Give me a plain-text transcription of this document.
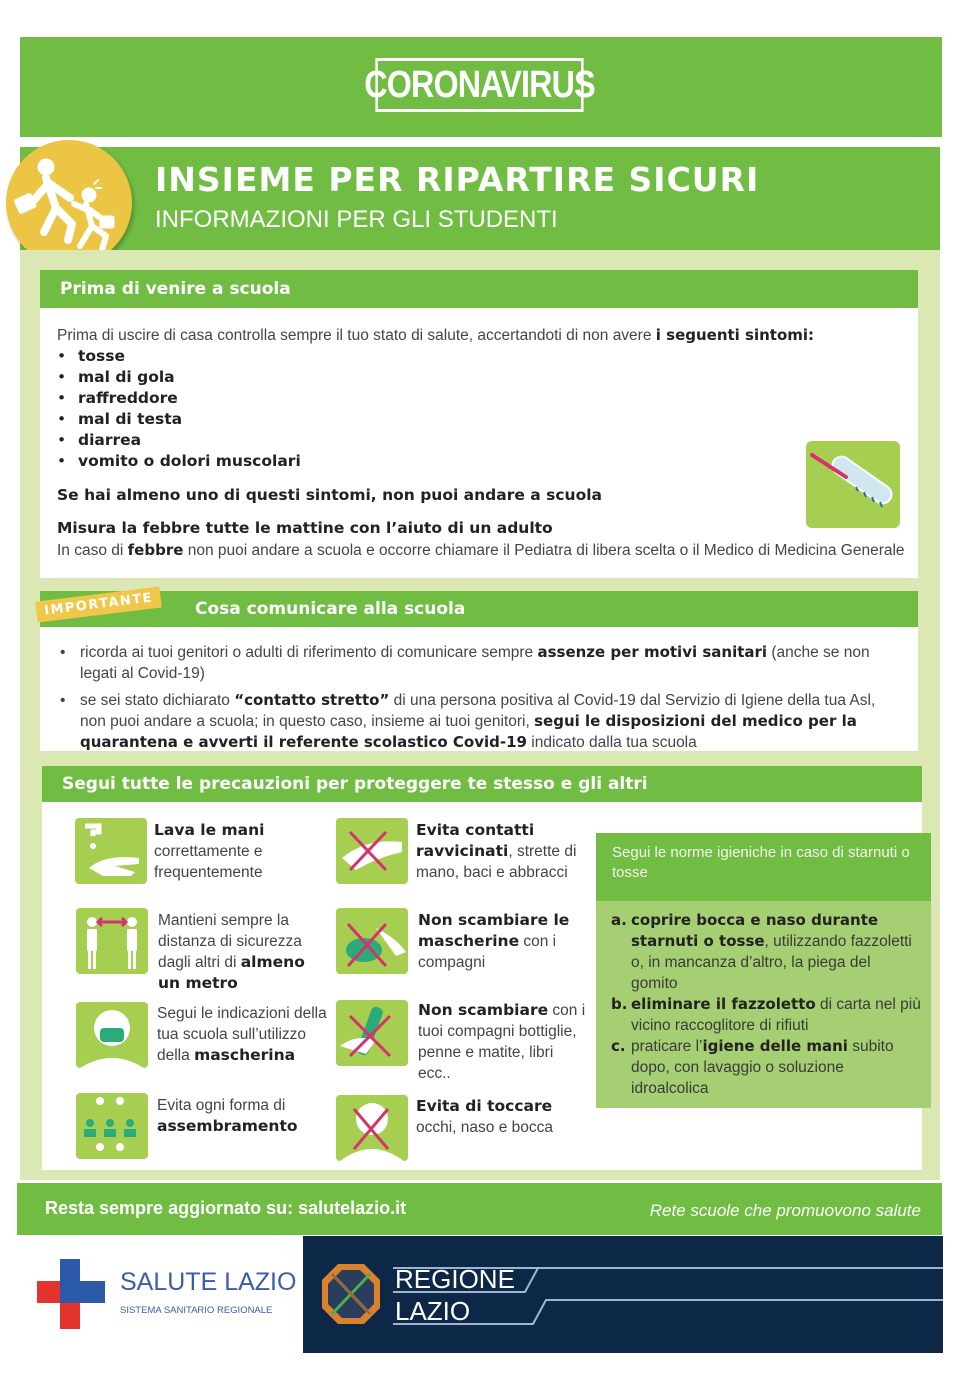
CORONAVIRUS
INSIEME PER RIPARTIRE SICURI
INFORMAZIONI PER GLI STUDENTI
Prima di venire a scuola
Prima di uscire di casa controlla sempre il tuo stato di salute, accertandoti di non avere i seguenti sintomi:
• tosse
• mal di gola
• raffreddore
• mal di testa
• diarrea
• vomito o dolori muscolari
Se hai almeno uno di questi sintomi, non puoi andare a scuola
Misura la febbre tutte le mattine con l’aiuto di un adulto
In caso di febbre non puoi andare a scuola e occorre chiamare il Pediatra di libera scelta o il Medico di Medicina Generale
Cosa comunicare alla scuola
IMPORTANTE
• ricorda ai tuoi genitori o adulti di riferimento di comunicare sempre assenze per motivi sanitari (anche se non legati al Covid-19)
• se sei stato dichiarato “contatto stretto” di una persona positiva al Covid-19 dal Servizio di Igiene della tua Asl, non puoi andare a scuola; in questo caso, insieme ai tuoi genitori, segui le disposizioni del medico per la quarantena e avverti il referente scolastico Covid-19 indicato dalla tua scuola
Segui tutte le precauzioni per proteggere te stesso e gli altri
Lava le mani
correttamente e frequentemente
Mantieni sempre la distanza di sicurezza dagli altri di almeno un metro
Segui le indicazioni della tua scuola sull’utilizzo della mascherina
Evita ogni forma di
assembramento
Evita contatti ravvicinati, strette di mano, baci e abbracci
Non scambiare le mascherine con i compagni
Non scambiare con i tuoi compagni bottiglie, penne e matite, libri ecc..
Evita di toccare
occhi, naso e bocca
Segui le norme igieniche in caso di starnuti o tosse
a. coprire bocca e naso durante starnuti o tosse, utilizzando fazzoletti o, in mancanza d’altro, la piega del gomito
b. eliminare il fazzoletto di carta nel più vicino raccoglitore di rifiuti
c. praticare l’igiene delle mani subito dopo, con lavaggio o soluzione idroalcolica
Resta sempre aggiornato su: salutelazio.it	Rete scuole che promuovono salute
SALUTE LAZIO
SISTEMA SANITARIO REGIONALE
REGIONE
LAZIO
